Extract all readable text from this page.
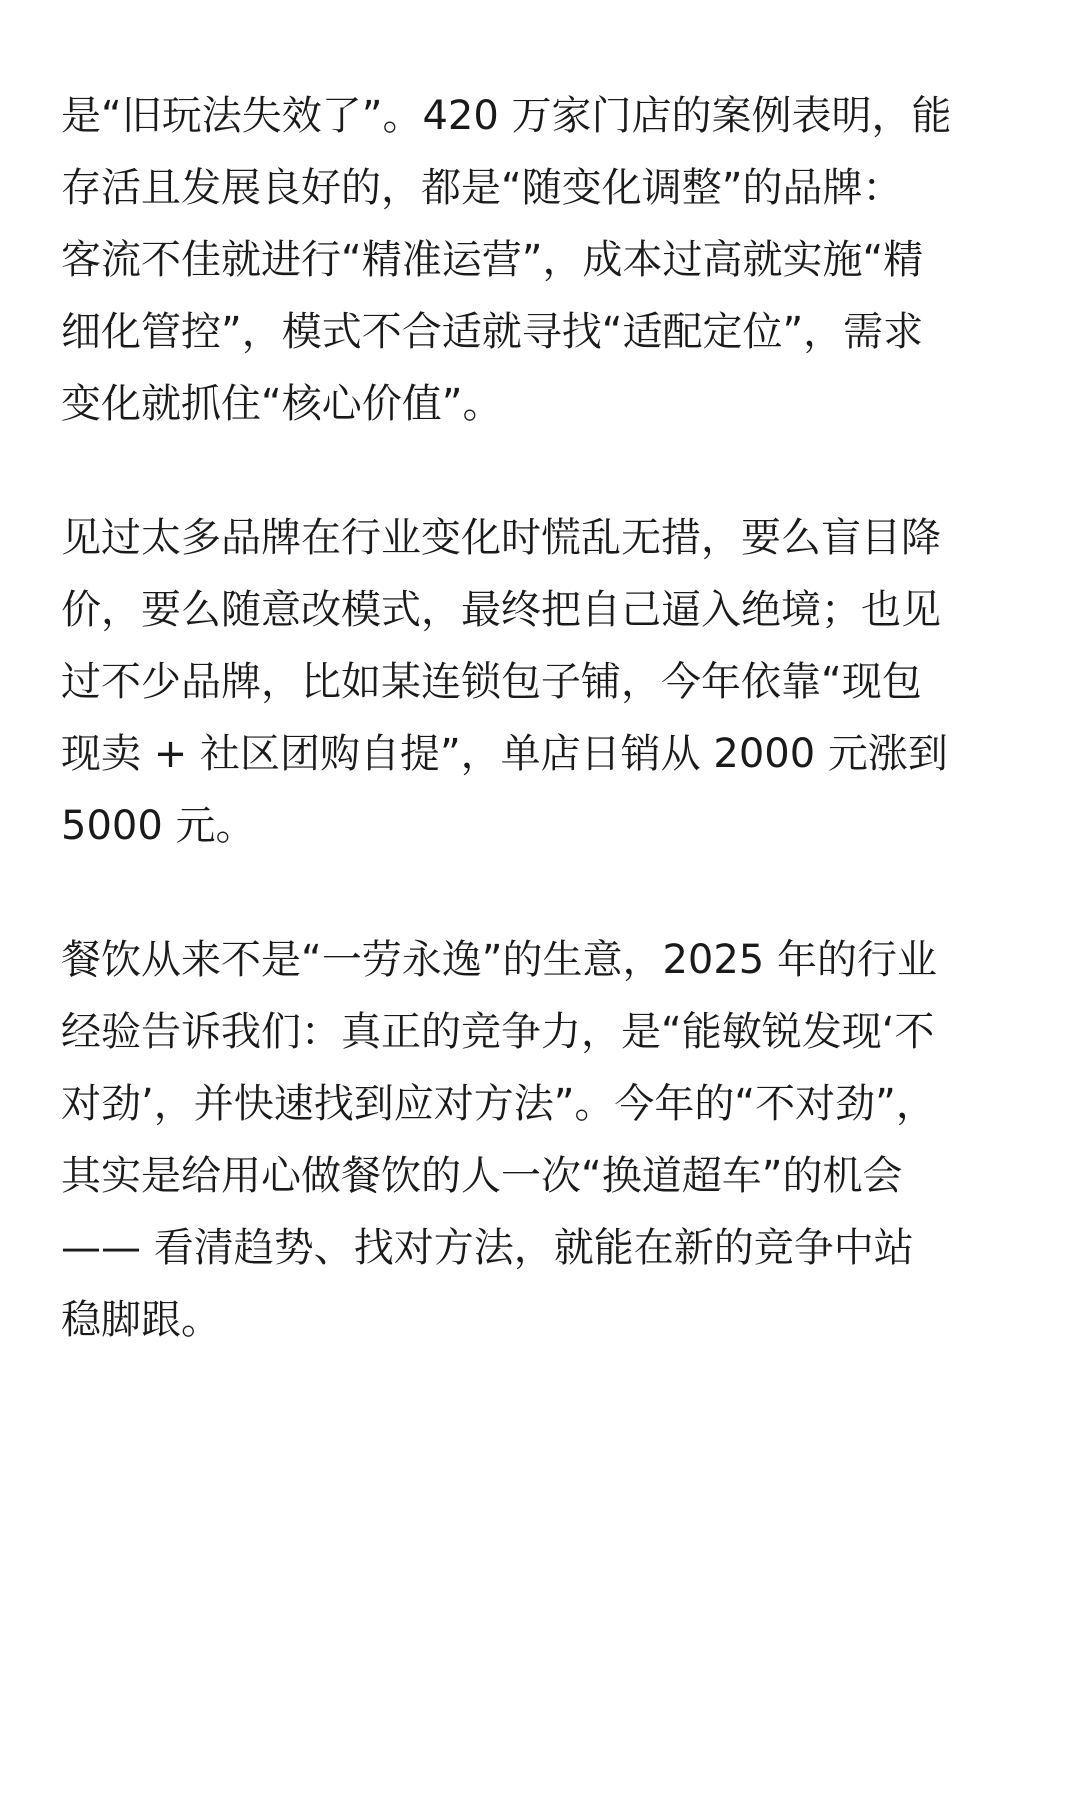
是“旧玩法失效了”。420 万家门店的案例表明，能
存活且发展良好的，都是“随变化调整”的品牌：
客流不佳就进行“精准运营”，成本过高就实施“精
细化管控”，模式不合适就寻找“适配定位”，需求
变化就抓住“核心价值”。

见过太多品牌在行业变化时慌乱无措，要么盲目降
价，要么随意改模式，最终把自己逼入绝境；也见
过不少品牌，比如某连锁包子铺，今年依靠“现包
现卖 + 社区团购自提”，单店日销从 2000 元涨到
5000 元。

餐饮从来不是“一劳永逸”的生意，2025 年的行业
经验告诉我们：真正的竞争力，是“能敏锐发现‘不
对劲’，并快速找到应对方法”。今年的“不对劲”，
其实是给用心做餐饮的人一次“换道超车”的机会
—— 看清趋势、找对方法，就能在新的竞争中站
稳脚跟。
